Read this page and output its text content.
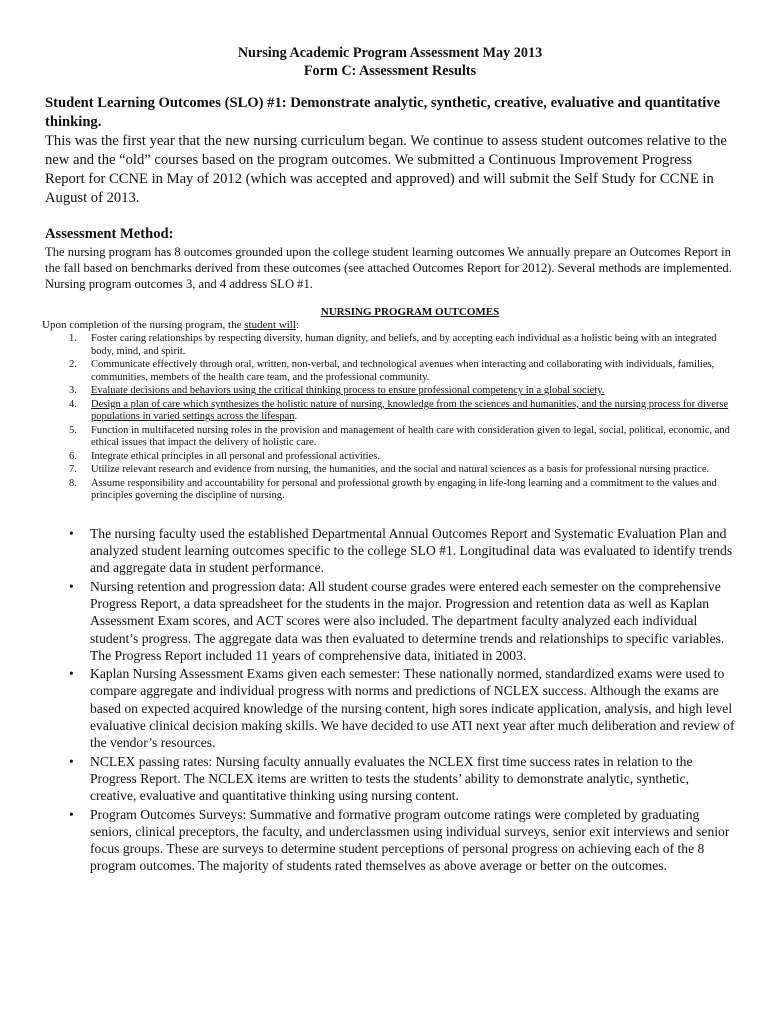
Nursing Academic Program Assessment May 2013
Form C: Assessment Results
Student Learning Outcomes (SLO) #1: Demonstrate analytic, synthetic, creative, evaluative and quantitative thinking.
This was the first year that the new nursing curriculum began. We continue to assess student outcomes relative to the new and the “old” courses based on the program outcomes. We submitted a Continuous Improvement Progress Report for CCNE in May of 2012 (which was accepted and approved) and will submit the Self Study for CCNE in August of 2013.
Assessment Method:
The nursing program has 8 outcomes grounded upon the college student learning outcomes We annually prepare an Outcomes Report in the fall based on benchmarks derived from these outcomes (see attached Outcomes Report for 2012). Several methods are implemented. Nursing program outcomes 3, and 4 address SLO #1.
NURSING PROGRAM OUTCOMES
Upon completion of the nursing program, the student will:
1. Foster caring relationships by respecting diversity, human dignity, and beliefs, and by accepting each individual as a holistic being with an integrated body, mind, and spirit.
2. Communicate effectively through oral, written, non-verbal, and technological avenues when interacting and collaborating with individuals, families, communities, members of the health care team, and the professional community.
3. Evaluate decisions and behaviors using the critical thinking process to ensure professional competency in a global society.
4. Design a plan of care which synthesizes the holistic nature of nursing, knowledge from the sciences and humanities, and the nursing process for diverse populations in varied settings across the lifespan.
5. Function in multifaceted nursing roles in the provision and management of health care with consideration given to legal, social, political, economic, and ethical issues that impact the delivery of holistic care.
6. Integrate ethical principles in all personal and professional activities.
7. Utilize relevant research and evidence from nursing, the humanities, and the social and natural sciences as a basis for professional nursing practice.
8. Assume responsibility and accountability for personal and professional growth by engaging in life-long learning and a commitment to the values and principles governing the discipline of nursing.
• The nursing faculty used the established Departmental Annual Outcomes Report and Systematic Evaluation Plan and analyzed student learning outcomes specific to the college SLO #1. Longitudinal data was evaluated to identify trends and aggregate data in student performance.
• Nursing retention and progression data: All student course grades were entered each semester on the comprehensive Progress Report, a data spreadsheet for the students in the major. Progression and retention data as well as Kaplan Assessment Exam scores, and ACT scores were also included. The department faculty analyzed each individual student’s progress. The aggregate data was then evaluated to determine trends and relationships to specific variables. The Progress Report included 11 years of comprehensive data, initiated in 2003.
• Kaplan Nursing Assessment Exams given each semester: These nationally normed, standardized exams were used to compare aggregate and individual progress with norms and predictions of NCLEX success. Although the exams are based on expected acquired knowledge of the nursing content, high sores indicate application, analysis, and high level evaluative clinical decision making skills. We have decided to use ATI next year after much deliberation and review of the vendor’s resources.
• NCLEX passing rates: Nursing faculty annually evaluates the NCLEX first time success rates in relation to the Progress Report. The NCLEX items are written to tests the students’ ability to demonstrate analytic, synthetic, creative, evaluative and quantitative thinking using nursing content.
• Program Outcomes Surveys: Summative and formative program outcome ratings were completed by graduating seniors, clinical preceptors, the faculty, and underclassmen using individual surveys, senior exit interviews and senior focus groups. These are surveys to determine student perceptions of personal progress on achieving each of the 8 program outcomes. The majority of students rated themselves as above average or better on the outcomes.
